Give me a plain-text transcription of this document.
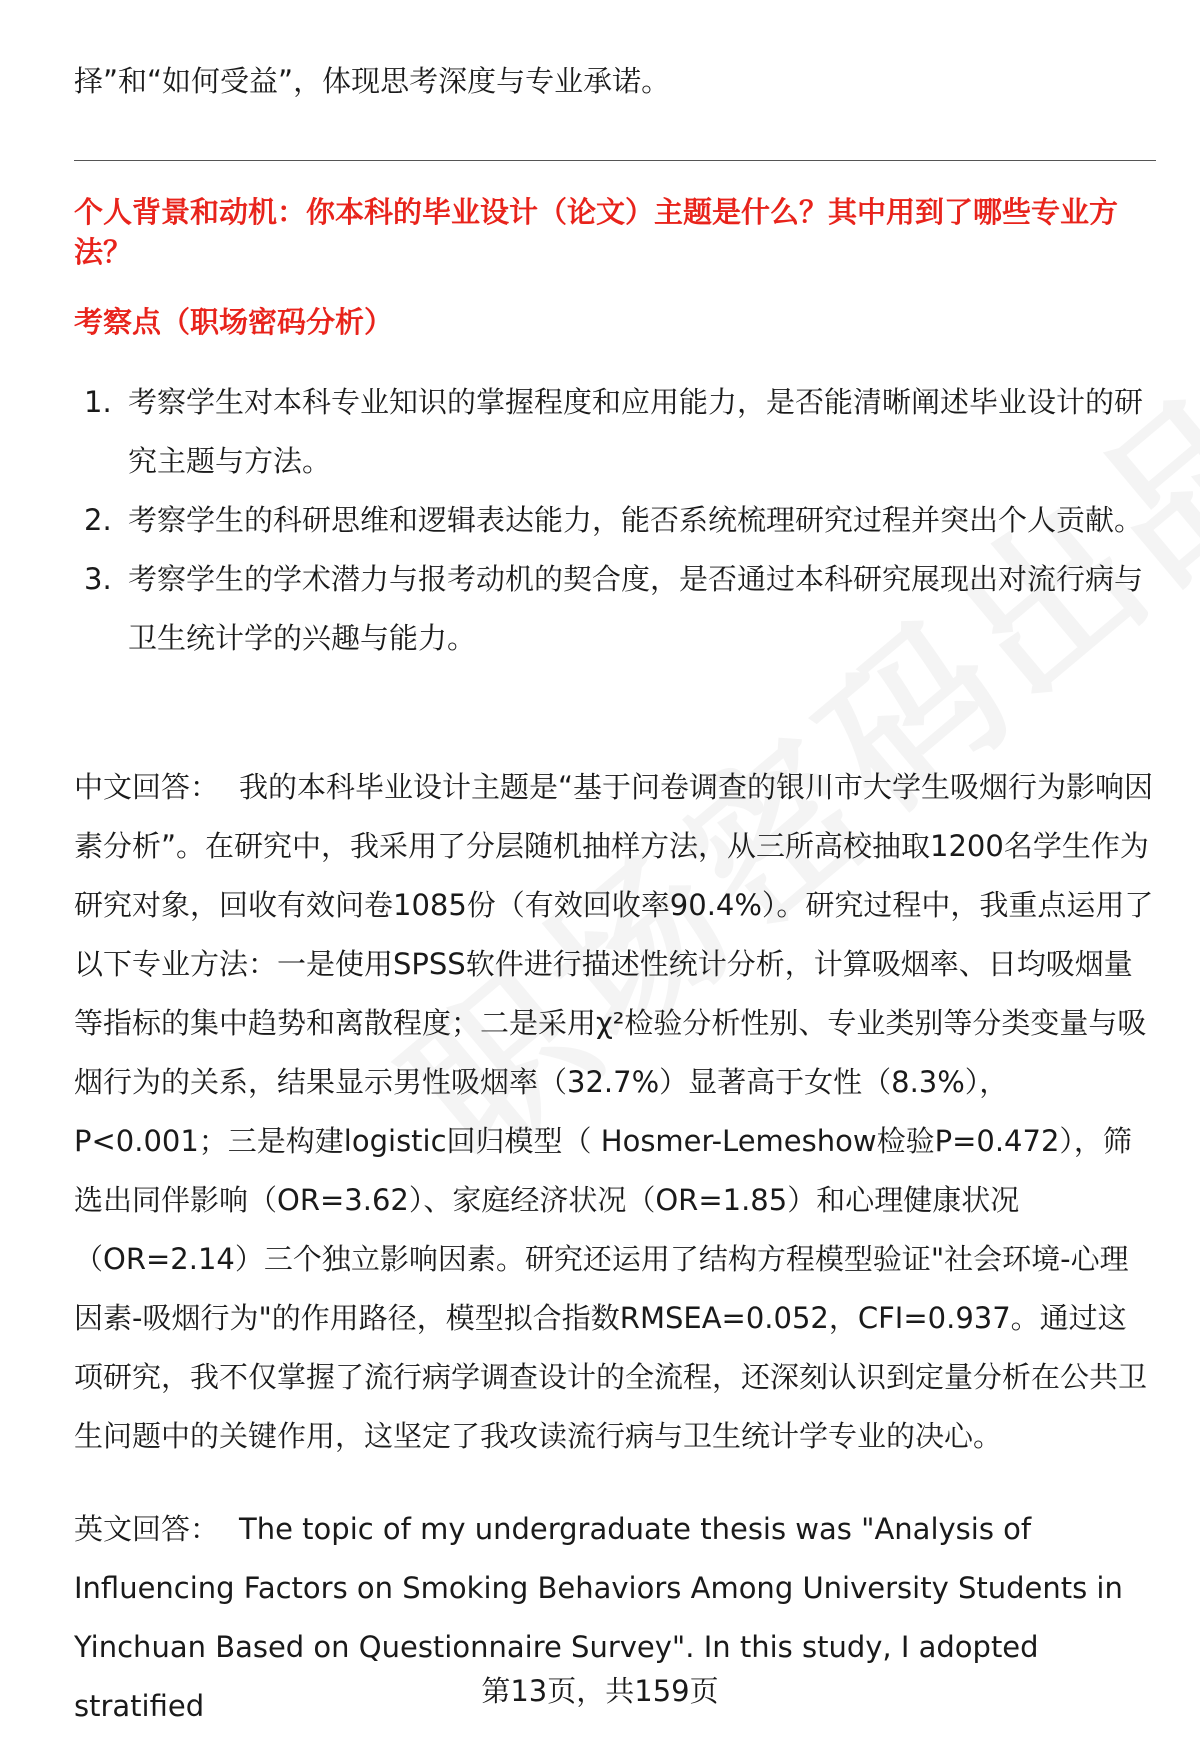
择”和“如何受益”，体现思考深度与专业承诺。
个人背景和动机：你本科的毕业设计（论文）主题是什么？其中用到了哪些专业方法？
考察点（职场密码分析）
1. 考察学生对本科专业知识的掌握程度和应用能力，是否能清晰阐述毕业设计的研究主题与方法。
2. 考察学生的科研思维和逻辑表达能力，能否系统梳理研究过程并突出个人贡献。
3. 考察学生的学术潜力与报考动机的契合度，是否通过本科研究展现出对流行病与卫生统计学的兴趣与能力。
中文回答： 我的本科毕业设计主题是“基于问卷调查的银川市大学生吸烟行为影响因素分析”。在研究中，我采用了分层随机抽样方法，从三所高校抽取1200名学生作为研究对象，回收有效问卷1085份（有效回收率90.4%）。研究过程中，我重点运用了以下专业方法：一是使用SPSS软件进行描述性统计分析，计算吸烟率、日均吸烟量等指标的集中趋势和离散程度；二是采用χ²检验分析性别、专业类别等分类变量与吸烟行为的关系，结果显示男性吸烟率（32.7%）显著高于女性（8.3%），P<0.001；三是构建logistic回归模型（ Hosmer-Lemeshow检验P=0.472），筛选出同伴影响（OR=3.62）、家庭经济状况（OR=1.85）和心理健康状况（OR=2.14）三个独立影响因素。研究还运用了结构方程模型验证"社会环境-心理因素-吸烟行为"的作用路径，模型拟合指数RMSEA=0.052，CFI=0.937。通过这项研究，我不仅掌握了流行病学调查设计的全流程，还深刻认识到定量分析在公共卫生问题中的关键作用，这坚定了我攻读流行病与卫生统计学专业的决心。
英文回答： The topic of my undergraduate thesis was "Analysis of Influencing Factors on Smoking Behaviors Among University Students in Yinchuan Based on Questionnaire Survey". In this study, I adopted stratified	第13页，共159页
